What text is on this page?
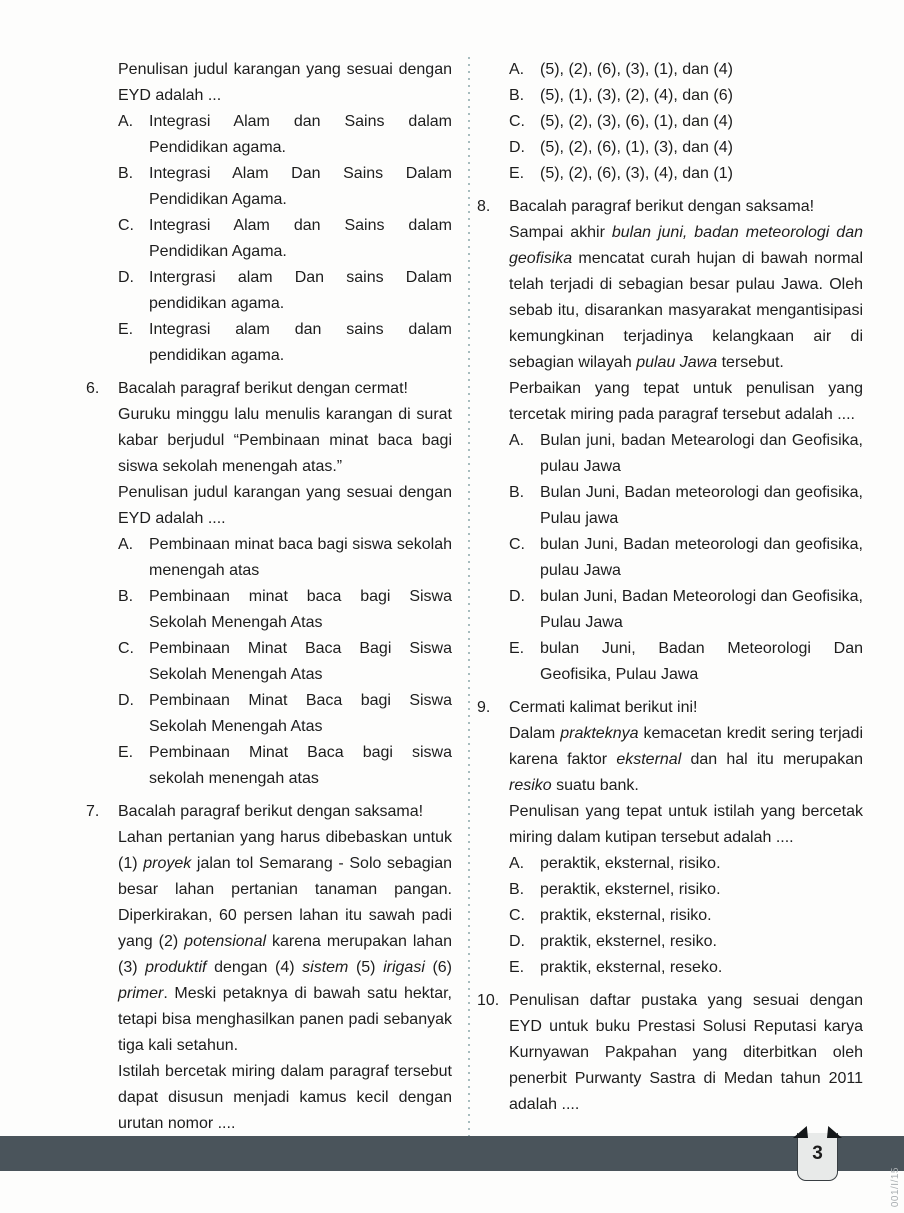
Penulisan judul karangan yang sesuai dengan EYD adalah ...

A. Integrasi Alam dan Sains dalam Pendidikan agama.
B. Integrasi Alam Dan Sains Dalam Pendidikan Agama.
C. Integrasi Alam dan Sains dalam Pendidikan Agama.
D. Intergrasi alam Dan sains Dalam pendidikan agama.
E. Integrasi alam dan sains dalam pendidikan agama.
6.	Bacalah paragraf berikut dengan cermat!

Guruku minggu lalu menulis karangan di surat kabar berjudul “Pembinaan minat baca bagi siswa sekolah menengah atas.”

Penulisan judul karangan yang sesuai dengan EYD adalah ....

A. Pembinaan minat baca bagi siswa sekolah menengah atas
B. Pembinaan minat baca bagi Siswa Sekolah Menengah Atas
C. Pembinaan Minat Baca Bagi Siswa Sekolah Menengah Atas
D. Pembinaan Minat Baca bagi Siswa Sekolah Menengah Atas
E. Pembinaan Minat Baca bagi siswa sekolah menengah atas
7.	Bacalah paragraf berikut dengan saksama!

Lahan pertanian yang harus dibebaskan untuk (1) proyek jalan tol Semarang - Solo sebagian besar lahan pertanian tanaman pangan. Diperkirakan, 60 persen lahan itu sawah padi yang (2) potensional karena merupakan lahan (3) produktif dengan (4) sistem (5) irigasi (6) primer. Meski petaknya di bawah satu hektar, tetapi bisa menghasilkan panen padi sebanyak tiga kali setahun.

Istilah bercetak miring dalam paragraf tersebut dapat disusun menjadi kamus kecil dengan urutan nomor ....

A. (5), (2), (6), (3), (1), dan (4)
B. (5), (1), (3), (2), (4), dan (6)
C. (5), (2), (3), (6), (1), dan (4)
D. (5), (2), (6), (1), (3), dan (4)
E. (5), (2), (6), (3), (4), dan (1)
8.	Bacalah paragraf berikut dengan saksama!

Sampai akhir bulan juni, badan meteorologi dan geofisika mencatat curah hujan di bawah normal telah terjadi di sebagian besar pulau Jawa. Oleh sebab itu, disarankan masyarakat mengantisipasi kemungkinan terjadinya kelangkaan air di sebagian wilayah pulau Jawa tersebut.

Perbaikan yang tepat untuk penulisan yang tercetak miring pada paragraf tersebut adalah ....

A. Bulan juni, badan Metearologi dan Geofisika, pulau Jawa
B. Bulan Juni, Badan meteorologi dan geofisika, Pulau jawa
C. bulan Juni, Badan meteorologi dan geofisika, pulau Jawa
D. bulan Juni, Badan Meteorologi dan Geofisika, Pulau Jawa
E. bulan Juni, Badan Meteorologi Dan Geofisika, Pulau Jawa
9.	Cermati kalimat berikut ini!

Dalam prakteknya kemacetan kredit sering terjadi karena faktor eksternal dan hal itu merupakan resiko suatu bank.

Penulisan yang tepat untuk istilah yang bercetak miring dalam kutipan tersebut adalah ....

A. peraktik, eksternal, risiko.
B. peraktik, eksternel, risiko.
C. praktik, eksternal, risiko.
D. praktik, eksternel, resiko.
E. praktik, eksternal, reseko.
10. Penulisan daftar pustaka yang sesuai dengan EYD untuk buku Prestasi Solusi Reputasi karya Kurnyawan Pakpahan yang diterbitkan oleh penerbit Purwanty Sastra di Medan tahun 2011 adalah ....

3
001/I/15
